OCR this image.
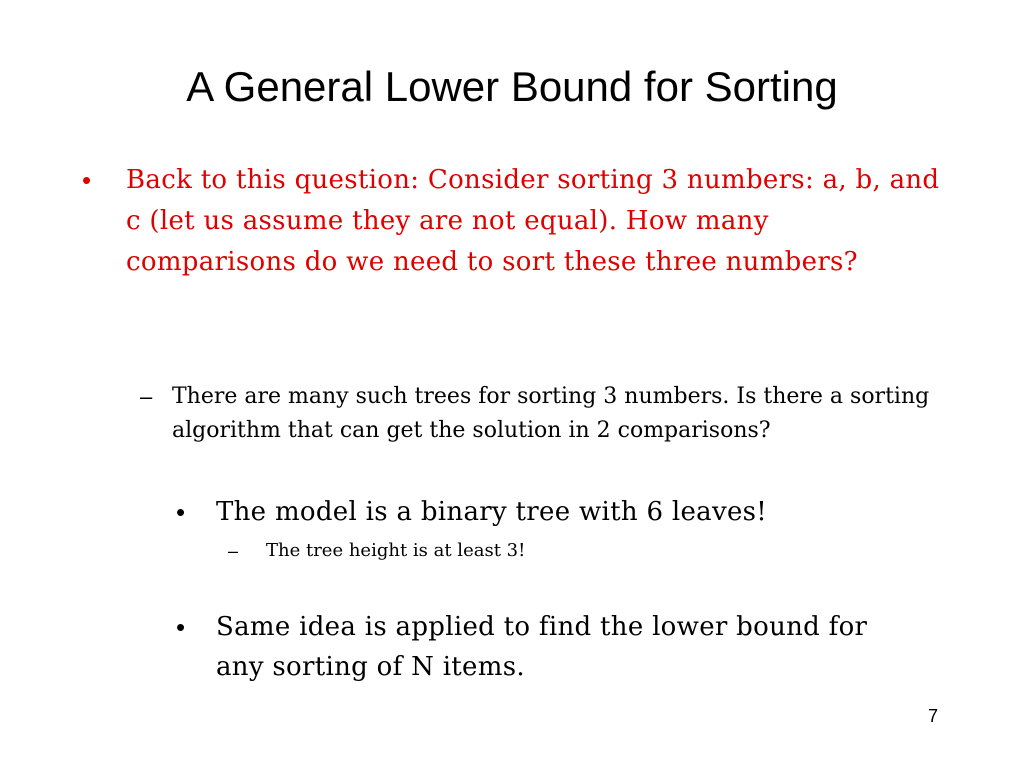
A General Lower Bound for Sorting
•	Back to this question: Consider sorting 3 numbers: a, b, and c (let us assume they are not equal). How many comparisons do we need to sort these three numbers?

– There are many such trees for sorting 3 numbers. Is there a sorting algorithm that can get the solution in 2 comparisons?

•	The model is a binary tree with 6 leaves!

–	The tree height is at least 3!

•	Same idea is applied to find the lower bound for any sorting of N items.

7
